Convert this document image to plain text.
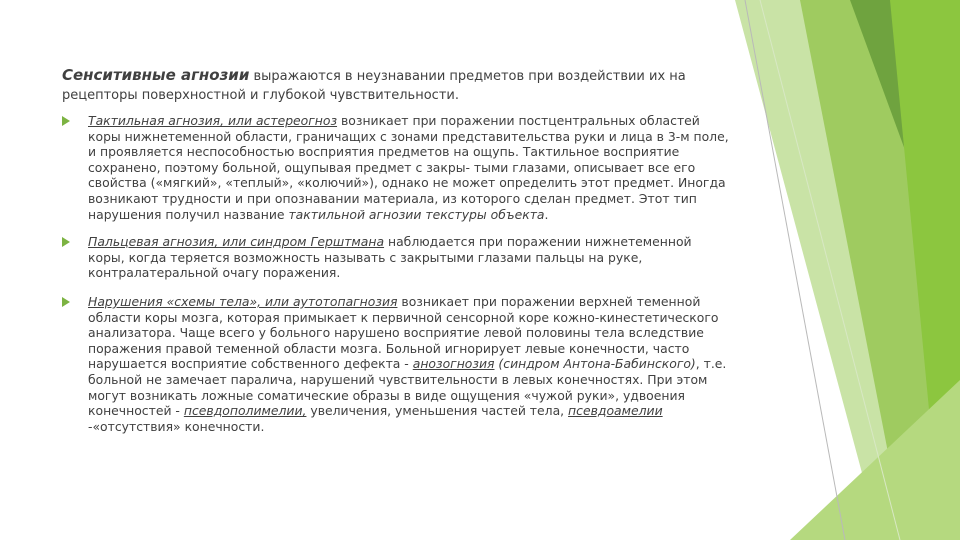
Сенситивные агнозии выражаются в неузнавании предметов при воздействии их на рецепторы поверхностной и глубокой чувствительности.
Тактильная агнозия, или астереогноз возникает при поражении постцентральных областей коры нижнетеменной области, граничащих с зонами представительства руки и лица в 3-м поле, и проявляется неспособностью восприятия предметов на ощупь. Тактильное восприятие сохранено, поэтому больной, ощупывая предмет с закры- тыми глазами, описывает все его свойства («мягкий», «теплый», «колючий»), однако не может определить этот предмет. Иногда возникают трудности и при опознавании материала, из которого сделан предмет. Этот тип нарушения получил название тактильной агнозии текстуры объекта.
Пальцевая агнозия, или синдром Герштмана наблюдается при поражении нижнетеменной коры, когда теряется возможность называть с закрытыми глазами пальцы на руке, контралатеральной очагу поражения.
Нарушения «схемы тела», или аутотопагнозия возникает при поражении верхней теменной области коры мозга, которая примыкает к первичной сенсорной коре кожно-кинестетического анализатора. Чаще всего у больного нарушено восприятие левой половины тела вследствие поражения правой теменной области мозга. Больной игнорирует левые конечности, часто нарушается восприятие собственного дефекта - анозогнозия (синдром Антона-Бабинского), т.е. больной не замечает паралича, нарушений чувствительности в левых конечностях. При этом могут возникать ложные соматические образы в виде ощущения «чужой руки», удвоения конечностей - псевдополимелии, увеличения, уменьшения частей тела, псевдоамелии -«отсутствия» конечности.
